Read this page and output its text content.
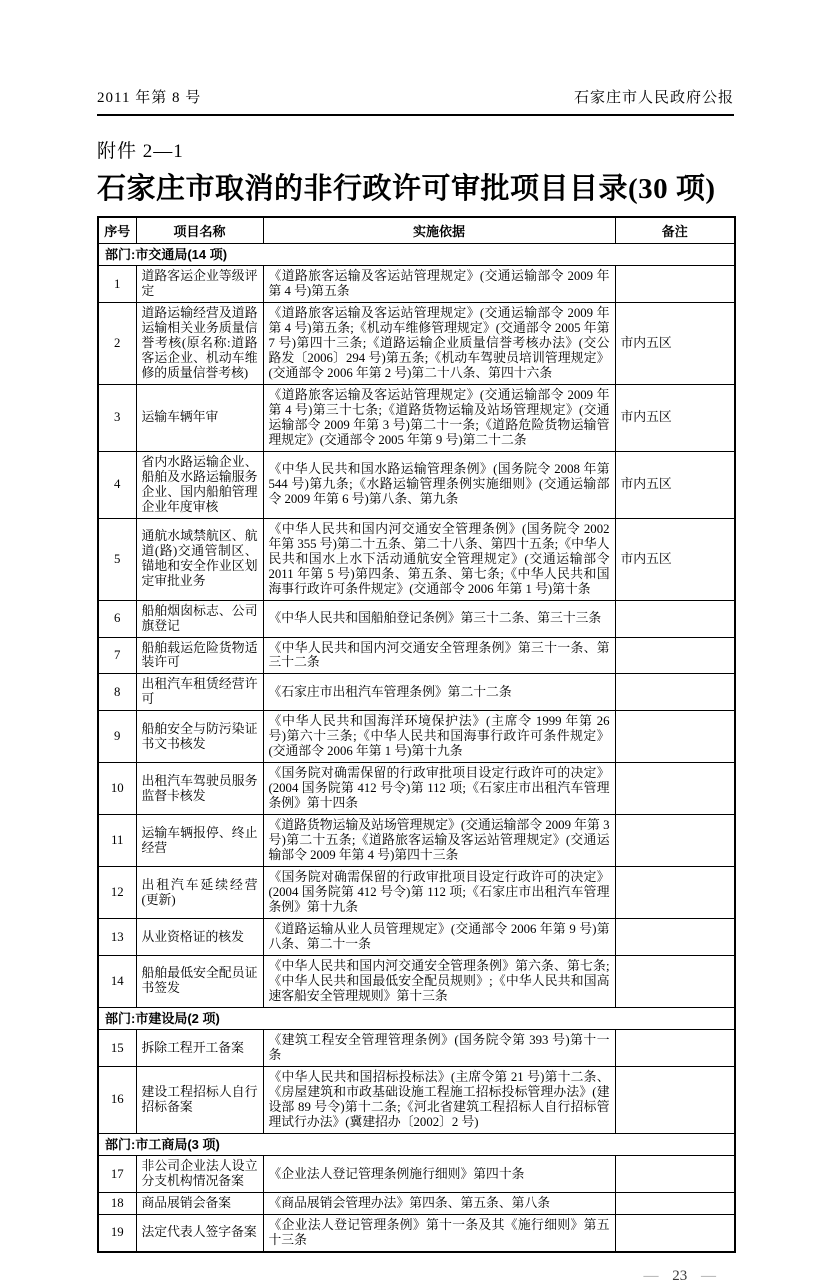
2011 年第 8 号	石家庄市人民政府公报
附件 2—1
石家庄市取消的非行政许可审批项目目录(30 项)
序号	项目名称	实施依据	备注
部门:市交通局(14 项)			
1	道路客运企业等级评定	《道路旅客运输及客运站管理规定》(交通运输部令 2009 年第 4 号)第五条	
2	道路运输经营及道路运输相关业务质量信誉考核(原名称:道路客运企业、机动车维修的质量信誉考核)	《道路旅客运输及客运站管理规定》(交通运输部令 2009 年第 4 号)第五条;《机动车维修管理规定》(交通部令 2005 年第 7 号)第四十三条;《道路运输企业质量信誉考核办法》(交公路发〔2006〕294 号)第五条;《机动车驾驶员培训管理规定》(交通部令 2006 年第 2 号)第二十八条、第四十六条	市内五区
3	运输车辆年审	《道路旅客运输及客运站管理规定》(交通运输部令 2009 年第 4 号)第三十七条;《道路货物运输及站场管理规定》(交通运输部令 2009 年第 3 号)第二十一条;《道路危险货物运输管理规定》(交通部令 2005 年第 9 号)第二十二条	市内五区
4	省内水路运输企业、船舶及水路运输服务企业、国内船舶管理企业年度审核	《中华人民共和国水路运输管理条例》(国务院令 2008 年第 544 号)第九条;《水路运输管理条例实施细则》(交通运输部令 2009 年第 6 号)第八条、第九条	市内五区
5	通航水域禁航区、航道(路)交通管制区、锚地和安全作业区划定审批业务	《中华人民共和国内河交通安全管理条例》(国务院令 2002 年第 355 号)第二十五条、第二十八条、第四十五条;《中华人民共和国水上水下活动通航安全管理规定》(交通运输部令 2011 年第 5 号)第四条、第五条、第七条;《中华人民共和国海事行政许可条件规定》(交通部令 2006 年第 1 号)第十条	市内五区
6	船舶烟囱标志、公司旗登记	《中华人民共和国船舶登记条例》第三十二条、第三十三条	
7	船舶载运危险货物适装许可	《中华人民共和国内河交通安全管理条例》第三十一条、第三十二条	
8	出租汽车租赁经营许可	《石家庄市出租汽车管理条例》第二十二条	
9	船舶安全与防污染证书文书核发	《中华人民共和国海洋环境保护法》(主席令 1999 年第 26 号)第六十三条;《中华人民共和国海事行政许可条件规定》(交通部令 2006 年第 1 号)第十九条	
10	出租汽车驾驶员服务监督卡核发	《国务院对确需保留的行政审批项目设定行政许可的决定》(2004 国务院第 412 号令)第 112 项;《石家庄市出租汽车管理条例》第十四条	
11	运输车辆报停、终止经营	《道路货物运输及站场管理规定》(交通运输部令 2009 年第 3 号)第二十五条;《道路旅客运输及客运站管理规定》(交通运输部令 2009 年第 4 号)第四十三条	
12	出租汽车延续经营(更新)	《国务院对确需保留的行政审批项目设定行政许可的决定》(2004 国务院第 412 号令)第 112 项;《石家庄市出租汽车管理条例》第十九条	
13	从业资格证的核发	《道路运输从业人员管理规定》(交通部令 2006 年第 9 号)第八条、第二十一条	
14	船舶最低安全配员证书签发	《中华人民共和国内河交通安全管理条例》第六条、第七条;《中华人民共和国最低安全配员规则》;《中华人民共和国高速客船安全管理规则》第十三条	
部门:市建设局(2 项)			
15	拆除工程开工备案	《建筑工程安全管理管理条例》(国务院令第 393 号)第十一条	
16	建设工程招标人自行招标备案	《中华人民共和国招标投标法》(主席令第 21 号)第十二条、《房屋建筑和市政基础设施工程施工招标投标管理办法》(建设部 89 号令)第十二条;《河北省建筑工程招标人自行招标管理试行办法》(冀建招办〔2002〕2 号)	
部门:市工商局(3 项)			
17	非公司企业法人设立分支机构情况备案	《企业法人登记管理条例施行细则》第四十条	
18	商品展销会备案	《商品展销会管理办法》第四条、第五条、第八条	
19	法定代表人签字备案	《企业法人登记管理条例》第十一条及其《施行细则》第五十三条	
— 23 —
